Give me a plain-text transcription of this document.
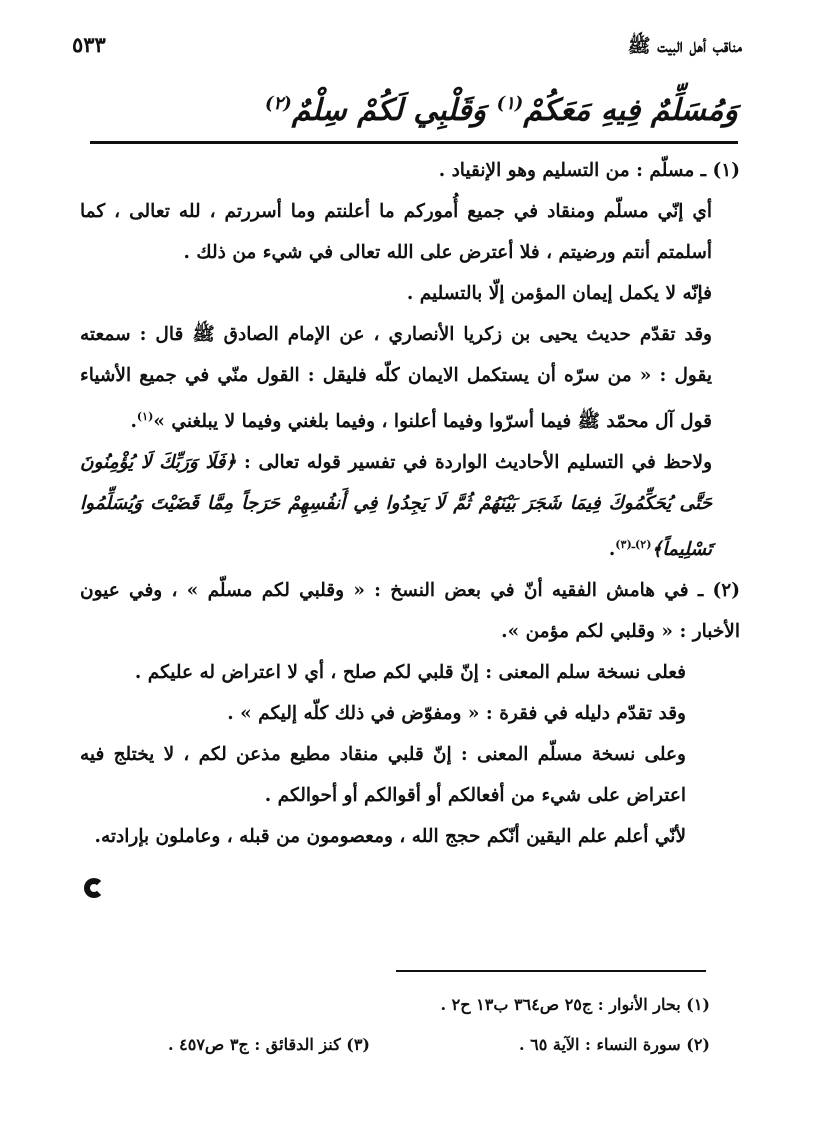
مناقب أهل البيت ﷺ
٥٣٣
وَمُسَلِّمٌ فِيهِ مَعَكُمْ$^{(١)}$ وَقَلْبِي لَكُمْ سِلْمٌ$^{(٢)}$

(١) ـ مسلّم : من التسليم وهو الإنقياد .

أي إنّي مسلّم ومنقاد في جميع أُموركم ما أعلنتم وما أسررتم ، لله تعالى ، كما أسلمتم أنتم ورضيتم ، فلا أعترض على الله تعالى في شيء من ذلك .

فإنّه لا يكمل إيمان المؤمن إلّا بالتسليم .

وقد تقدّم حديث يحيى بن زكريا الأنصاري ، عن الإمام الصادق ﷺ قال : سمعته يقول : « من سرّه أن يستكمل الايمان كلّه فليقل : القول منّي في جميع الأشياء قول آل محمّد ﷺ فيما أسرّوا وفيما أعلنوا ، وفيما بلغني وفيما لا يبلغني »$^{(١)}$.

ولاحظ في التسليم الأحاديث الواردة في تفسير قوله تعالى : ﴿فَلَا وَرَبِّكَ لَا يُؤْمِنُونَ حَتَّى يُحَكِّمُوكَ فِيمَا شَجَرَ بَيْنَهُمْ ثُمَّ لَا يَجِدُوا فِي أَنفُسِهِمْ حَرَجاً مِمَّا قَضَيْتَ وَيُسَلِّمُوا تَسْلِيماً﴾$^{(٢)ـ(٣)}$.

(٢) ـ في هامش الفقيه أنّ في بعض النسخ : « وقلبي لكم مسلّم » ، وفي عيون الأخبار : « وقلبي لكم مؤمن ».

فعلى نسخة سلم المعنى : إنّ قلبي لكم صلح ، أي لا اعتراض له عليكم .

وقد تقدّم دليله في فقرة : « ومفوّض في ذلك كلّه إليكم » .

وعلى نسخة مسلّم المعنى : إنّ قلبي منقاد مطيع مذعن لكم ، لا يختلج فيه اعتراض على شيء من أفعالكم أو أقوالكم أو أحوالكم .

لأنّي أعلم علم اليقين أنّكم حجج الله ، ومعصومون من قبله ، وعاملون بإرادته.

(١) بحار الأنوار : ج٢٥ ص٣٦٤ ب١٣ ح٢ .
(٢) سورة النساء : الآية ٦٥ .
(٣) كنز الدقائق : ج٣ ص٤٥٧ .
